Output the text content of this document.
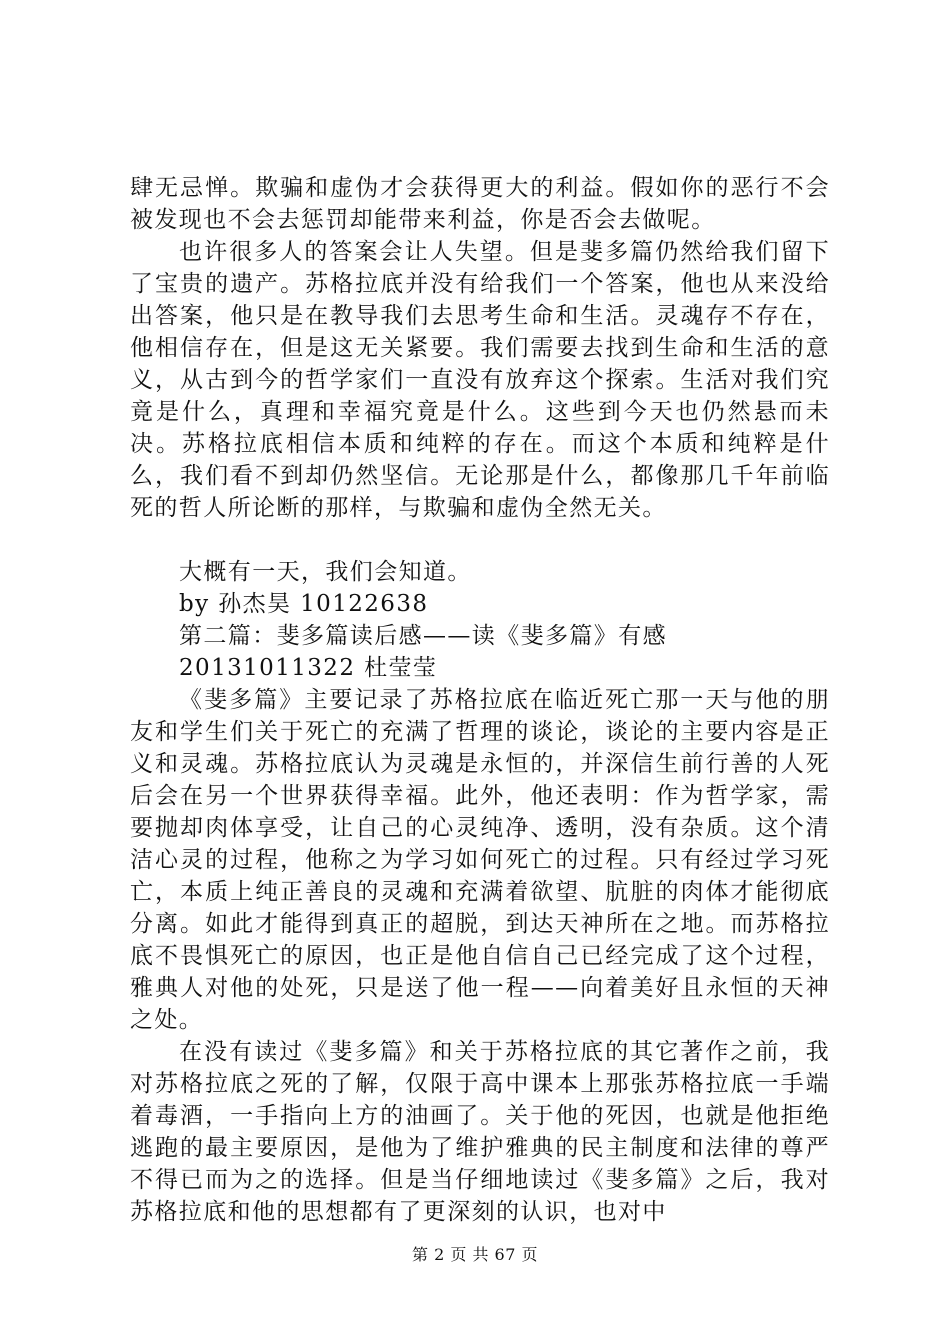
肆无忌惮。欺骗和虚伪才会获得更大的利益。假如你的恶行不会被发现也不会去惩罚却能带来利益，你是否会去做呢。

也许很多人的答案会让人失望。但是斐多篇仍然给我们留下了宝贵的遗产。苏格拉底并没有给我们一个答案，他也从来没给出答案，他只是在教导我们去思考生命和生活。灵魂存不存在，他相信存在，但是这无关紧要。我们需要去找到生命和生活的意义，从古到今的哲学家们一直没有放弃这个探索。生活对我们究竟是什么，真理和幸福究竟是什么。这些到今天也仍然悬而未决。苏格拉底相信本质和纯粹的存在。而这个本质和纯粹是什么，我们看不到却仍然坚信。无论那是什么，都像那几千年前临死的哲人所论断的那样，与欺骗和虚伪全然无关。

大概有一天，我们会知道。

by 孙杰昊 10122638

第二篇：斐多篇读后感——读《斐多篇》有感

20131011322 杜莹莹

《斐多篇》主要记录了苏格拉底在临近死亡那一天与他的朋友和学生们关于死亡的充满了哲理的谈论，谈论的主要内容是正义和灵魂。苏格拉底认为灵魂是永恒的，并深信生前行善的人死后会在另一个世界获得幸福。此外，他还表明：作为哲学家，需要抛却肉体享受，让自己的心灵纯净、透明，没有杂质。这个清洁心灵的过程，他称之为学习如何死亡的过程。只有经过学习死亡，本质上纯正善良的灵魂和充满着欲望、肮脏的肉体才能彻底分离。如此才能得到真正的超脱，到达天神所在之地。而苏格拉底不畏惧死亡的原因，也正是他自信自己已经完成了这个过程，雅典人对他的处死，只是送了他一程——向着美好且永恒的天神之处。

在没有读过《斐多篇》和关于苏格拉底的其它著作之前，我对苏格拉底之死的了解，仅限于高中课本上那张苏格拉底一手端着毒酒，一手指向上方的油画了。关于他的死因，也就是他拒绝逃跑的最主要原因，是他为了维护雅典的民主制度和法律的尊严不得已而为之的选择。但是当仔细地读过《斐多篇》之后，我对苏格拉底和他的思想都有了更深刻的认识，也对中

第 2 页 共 67 页
